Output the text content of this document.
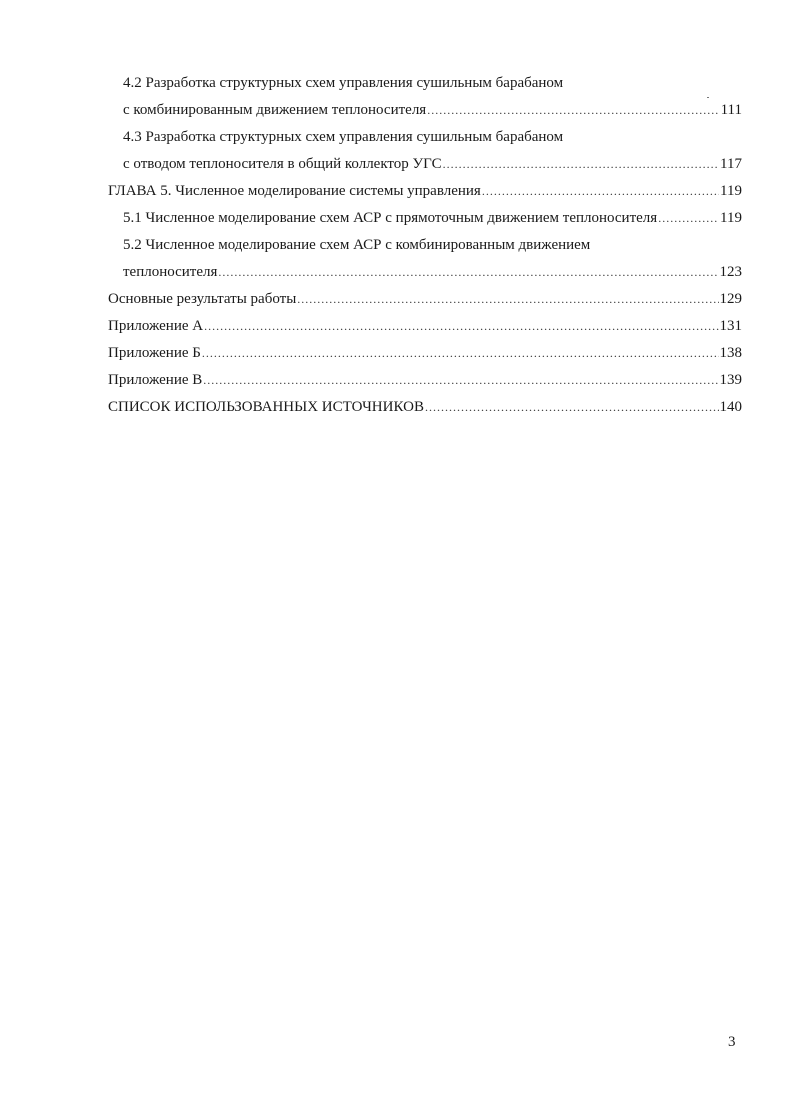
4.2 Разработка структурных схем управления сушильным барабаном
с комбинированным движением теплоносителя .....	111
4.3 Разработка структурных схем управления сушильным барабаном
с отводом теплоносителя в общий коллектор УГС .....	117
ГЛАВА 5. Численное моделирование системы управления .....	119
5.1 Численное моделирование схем АСР с прямоточным движением теплоносителя .....	119
5.2 Численное моделирование схем АСР с комбинированным движением
теплоносителя .....	123
Основные результаты работы .....	129
Приложение А .....	131
Приложение Б .....	138
Приложение В .....	139
СПИСОК ИСПОЛЬЗОВАННЫХ ИСТОЧНИКОВ .....	140
3
